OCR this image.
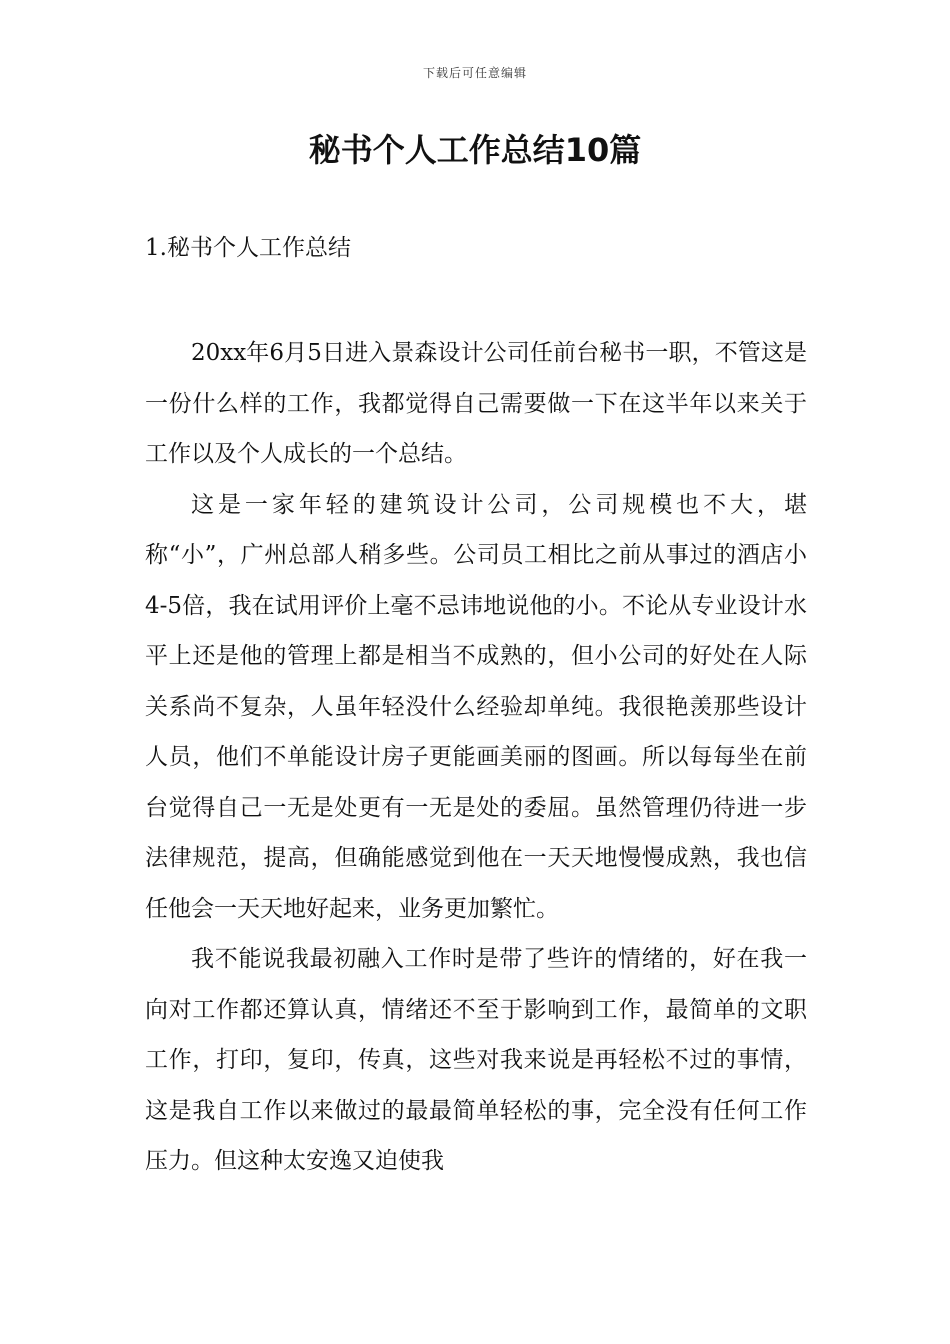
下载后可任意编辑
秘书个人工作总结10篇
1.秘书个人工作总结

20xx年6月5日进入景森设计公司任前台秘书一职，不管这是一份什么样的工作，我都觉得自己需要做一下在这半年以来关于工作以及个人成长的一个总结。

这是一家年轻的建筑设计公司，公司规模也不大，堪称“小”，广州总部人稍多些。公司员工相比之前从事过的酒店小4-5倍，我在试用评价上毫不忌讳地说他的小。不论从专业设计水平上还是他的管理上都是相当不成熟的，但小公司的好处在人际关系尚不复杂，人虽年轻没什么经验却单纯。我很艳羡那些设计人员，他们不单能设计房子更能画美丽的图画。所以每每坐在前台觉得自己一无是处更有一无是处的委屈。虽然管理仍待进一步法律规范，提高，但确能感觉到他在一天天地慢慢成熟，我也信任他会一天天地好起来，业务更加繁忙。

我不能说我最初融入工作时是带了些许的情绪的，好在我一向对工作都还算认真，情绪还不至于影响到工作，最简单的文职工作，打印，复印，传真，这些对我来说是再轻松不过的事情，这是我自工作以来做过的最最简单轻松的事，完全没有任何工作压力。但这种太安逸又迫使我
